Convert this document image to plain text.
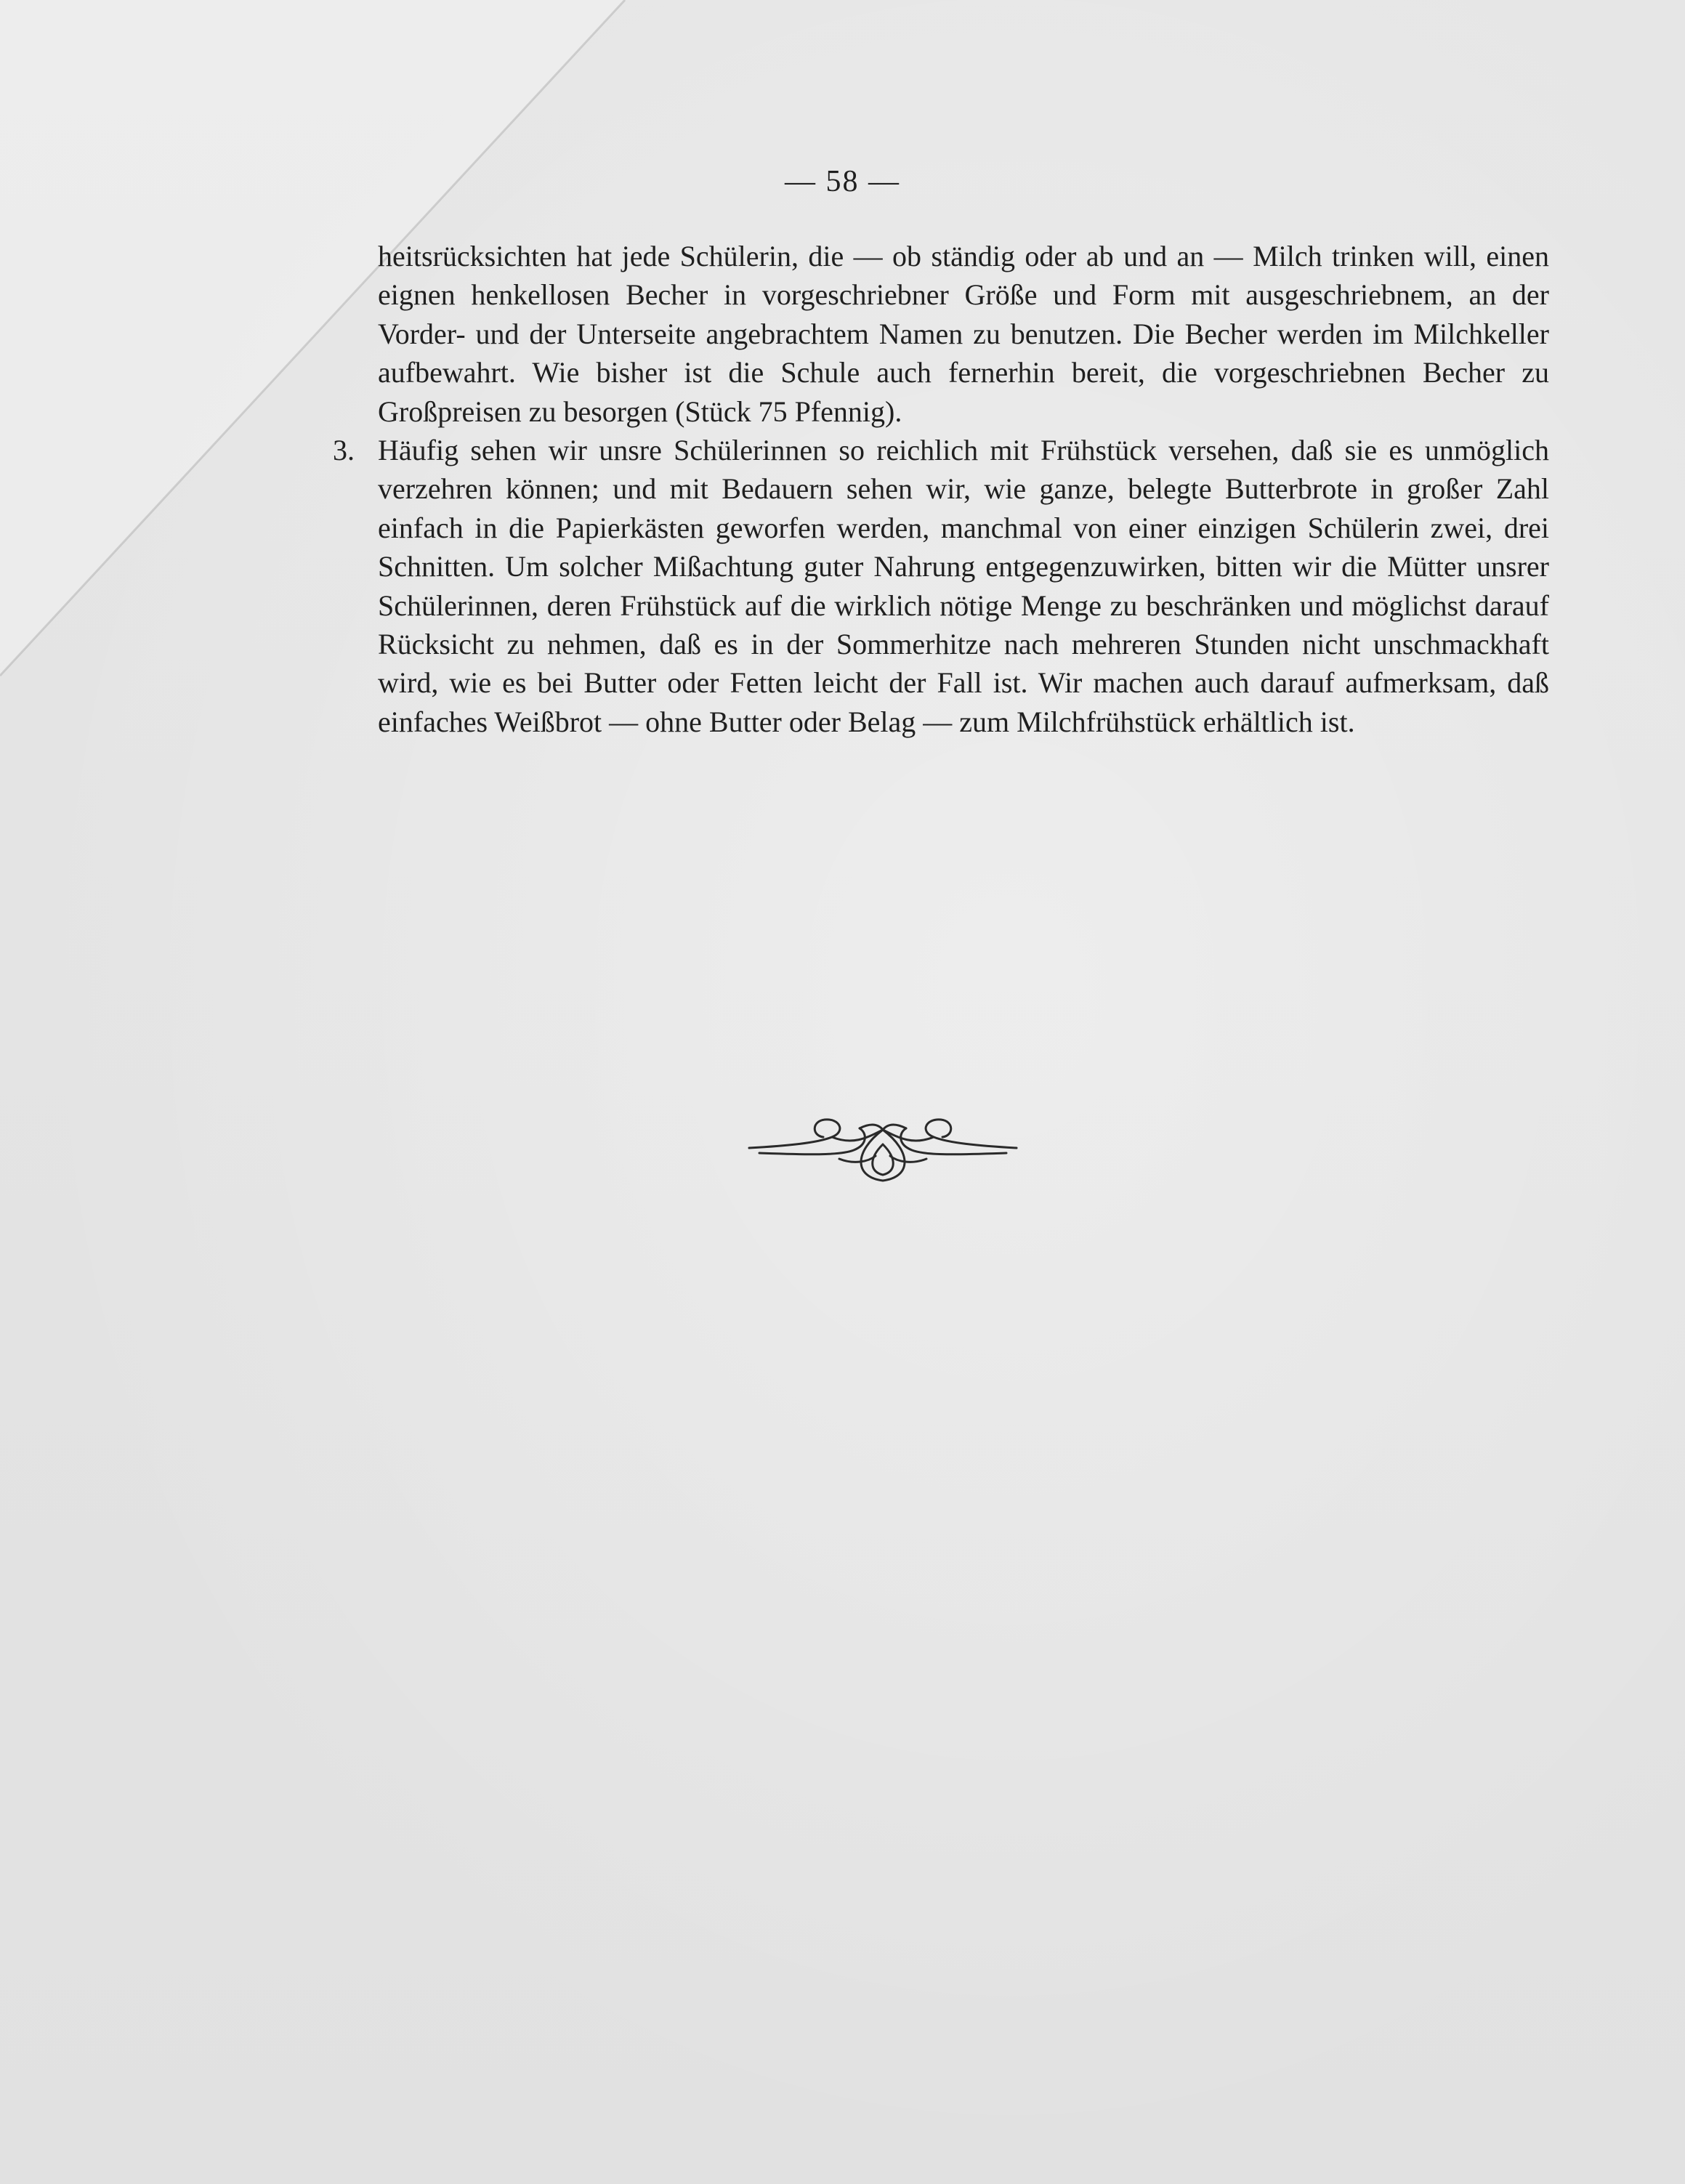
— 58 —

heitsrücksichten hat jede Schülerin, die — ob ständig oder ab und an — Milch trinken will, einen eignen henkellosen Becher in vorgeschriebner Größe und Form mit ausgeschriebnem, an der Vorder- und der Unterseite angebrachtem Namen zu benutzen. Die Becher werden im Milchkeller aufbewahrt. Wie bisher ist die Schule auch fernerhin bereit, die vorgeschriebnen Becher zu Großpreisen zu besorgen (Stück 75 Pfennig).

3. Häufig sehen wir unsre Schülerinnen so reichlich mit Frühstück versehen, daß sie es unmöglich verzehren können; und mit Bedauern sehen wir, wie ganze, belegte Butterbrote in großer Zahl einfach in die Papierkästen geworfen werden, manchmal von einer einzigen Schülerin zwei, drei Schnitten. Um solcher Mißachtung guter Nahrung entgegenzuwirken, bitten wir die Mütter unsrer Schülerinnen, deren Frühstück auf die wirklich nötige Menge zu beschränken und möglichst darauf Rücksicht zu nehmen, daß es in der Sommerhitze nach mehreren Stunden nicht unschmackhaft wird, wie es bei Butter oder Fetten leicht der Fall ist. Wir machen auch darauf aufmerksam, daß einfaches Weißbrot — ohne Butter oder Belag — zum Milchfrühstück erhältlich ist.
